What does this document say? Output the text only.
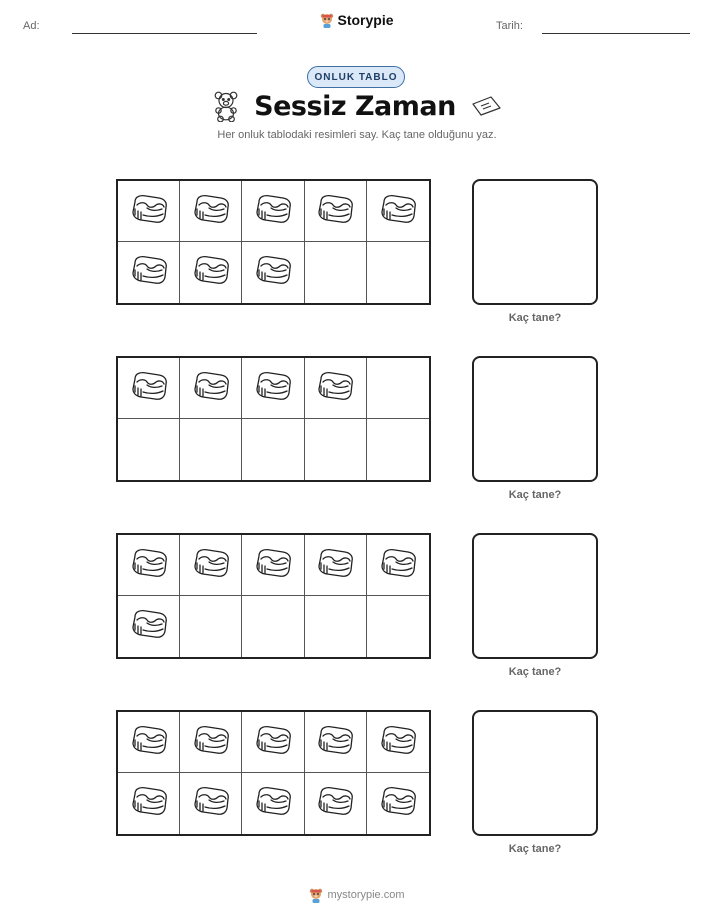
Ad:	Storypie	Tarih:
ONLUK TABLO
Sessiz Zaman
Her onluk tablodaki resimleri say. Kaç tane olduğunu yaz.
Kaç tane?
Kaç tane?
Kaç tane?
Kaç tane?
mystorypie.com
